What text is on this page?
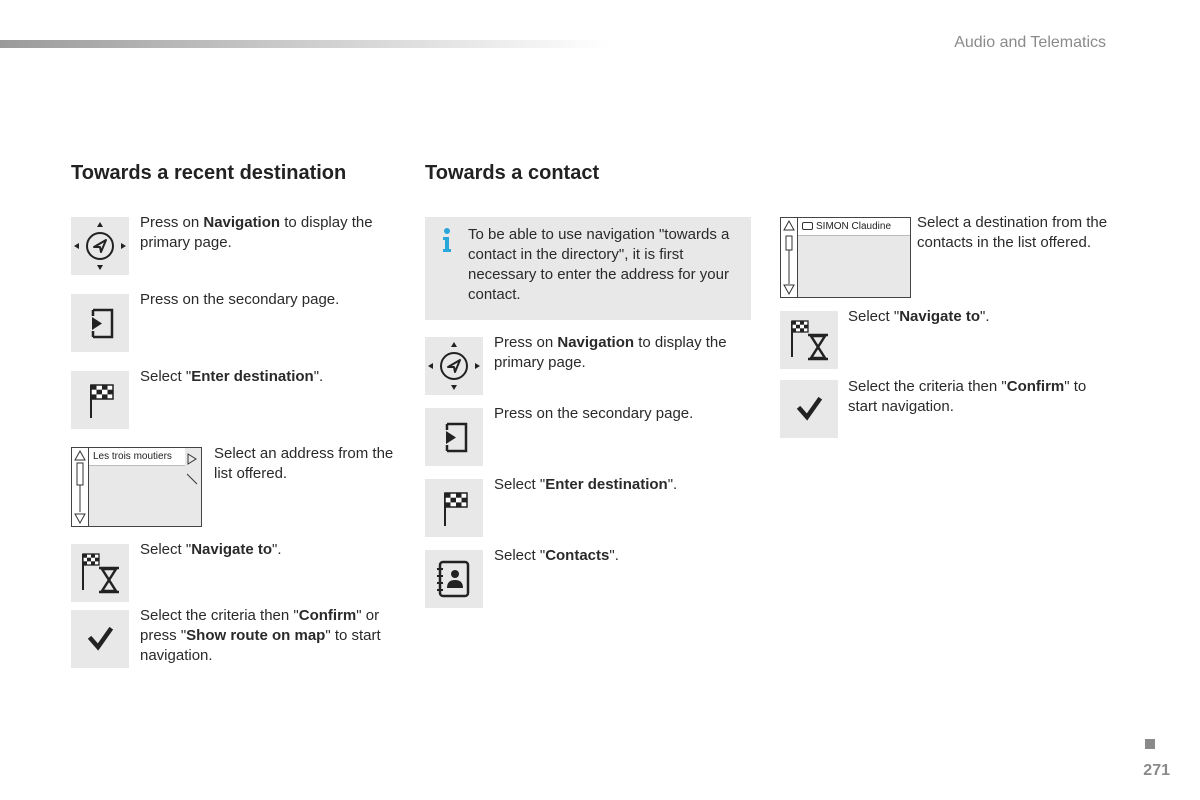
Audio and Telematics
Towards a recent destination
Press on Navigation to display the primary page.
Press on the secondary page.
Select "Enter destination".
Les trois moutiers	Select an address from the list offered.
Select "Navigate to".
Select the criteria then "Confirm" or press "Show route on map" to start navigation.
Towards a contact
To be able to use navigation "towards a contact in the directory", it is first necessary to enter the address for your contact.
Press on Navigation to display the primary page.
Press on the secondary page.
Select "Enter destination".
Select "Contacts".
SIMON Claudine	Select a destination from the contacts in the list offered.
Select "Navigate to".
Select the criteria then "Confirm" to start navigation.
271
